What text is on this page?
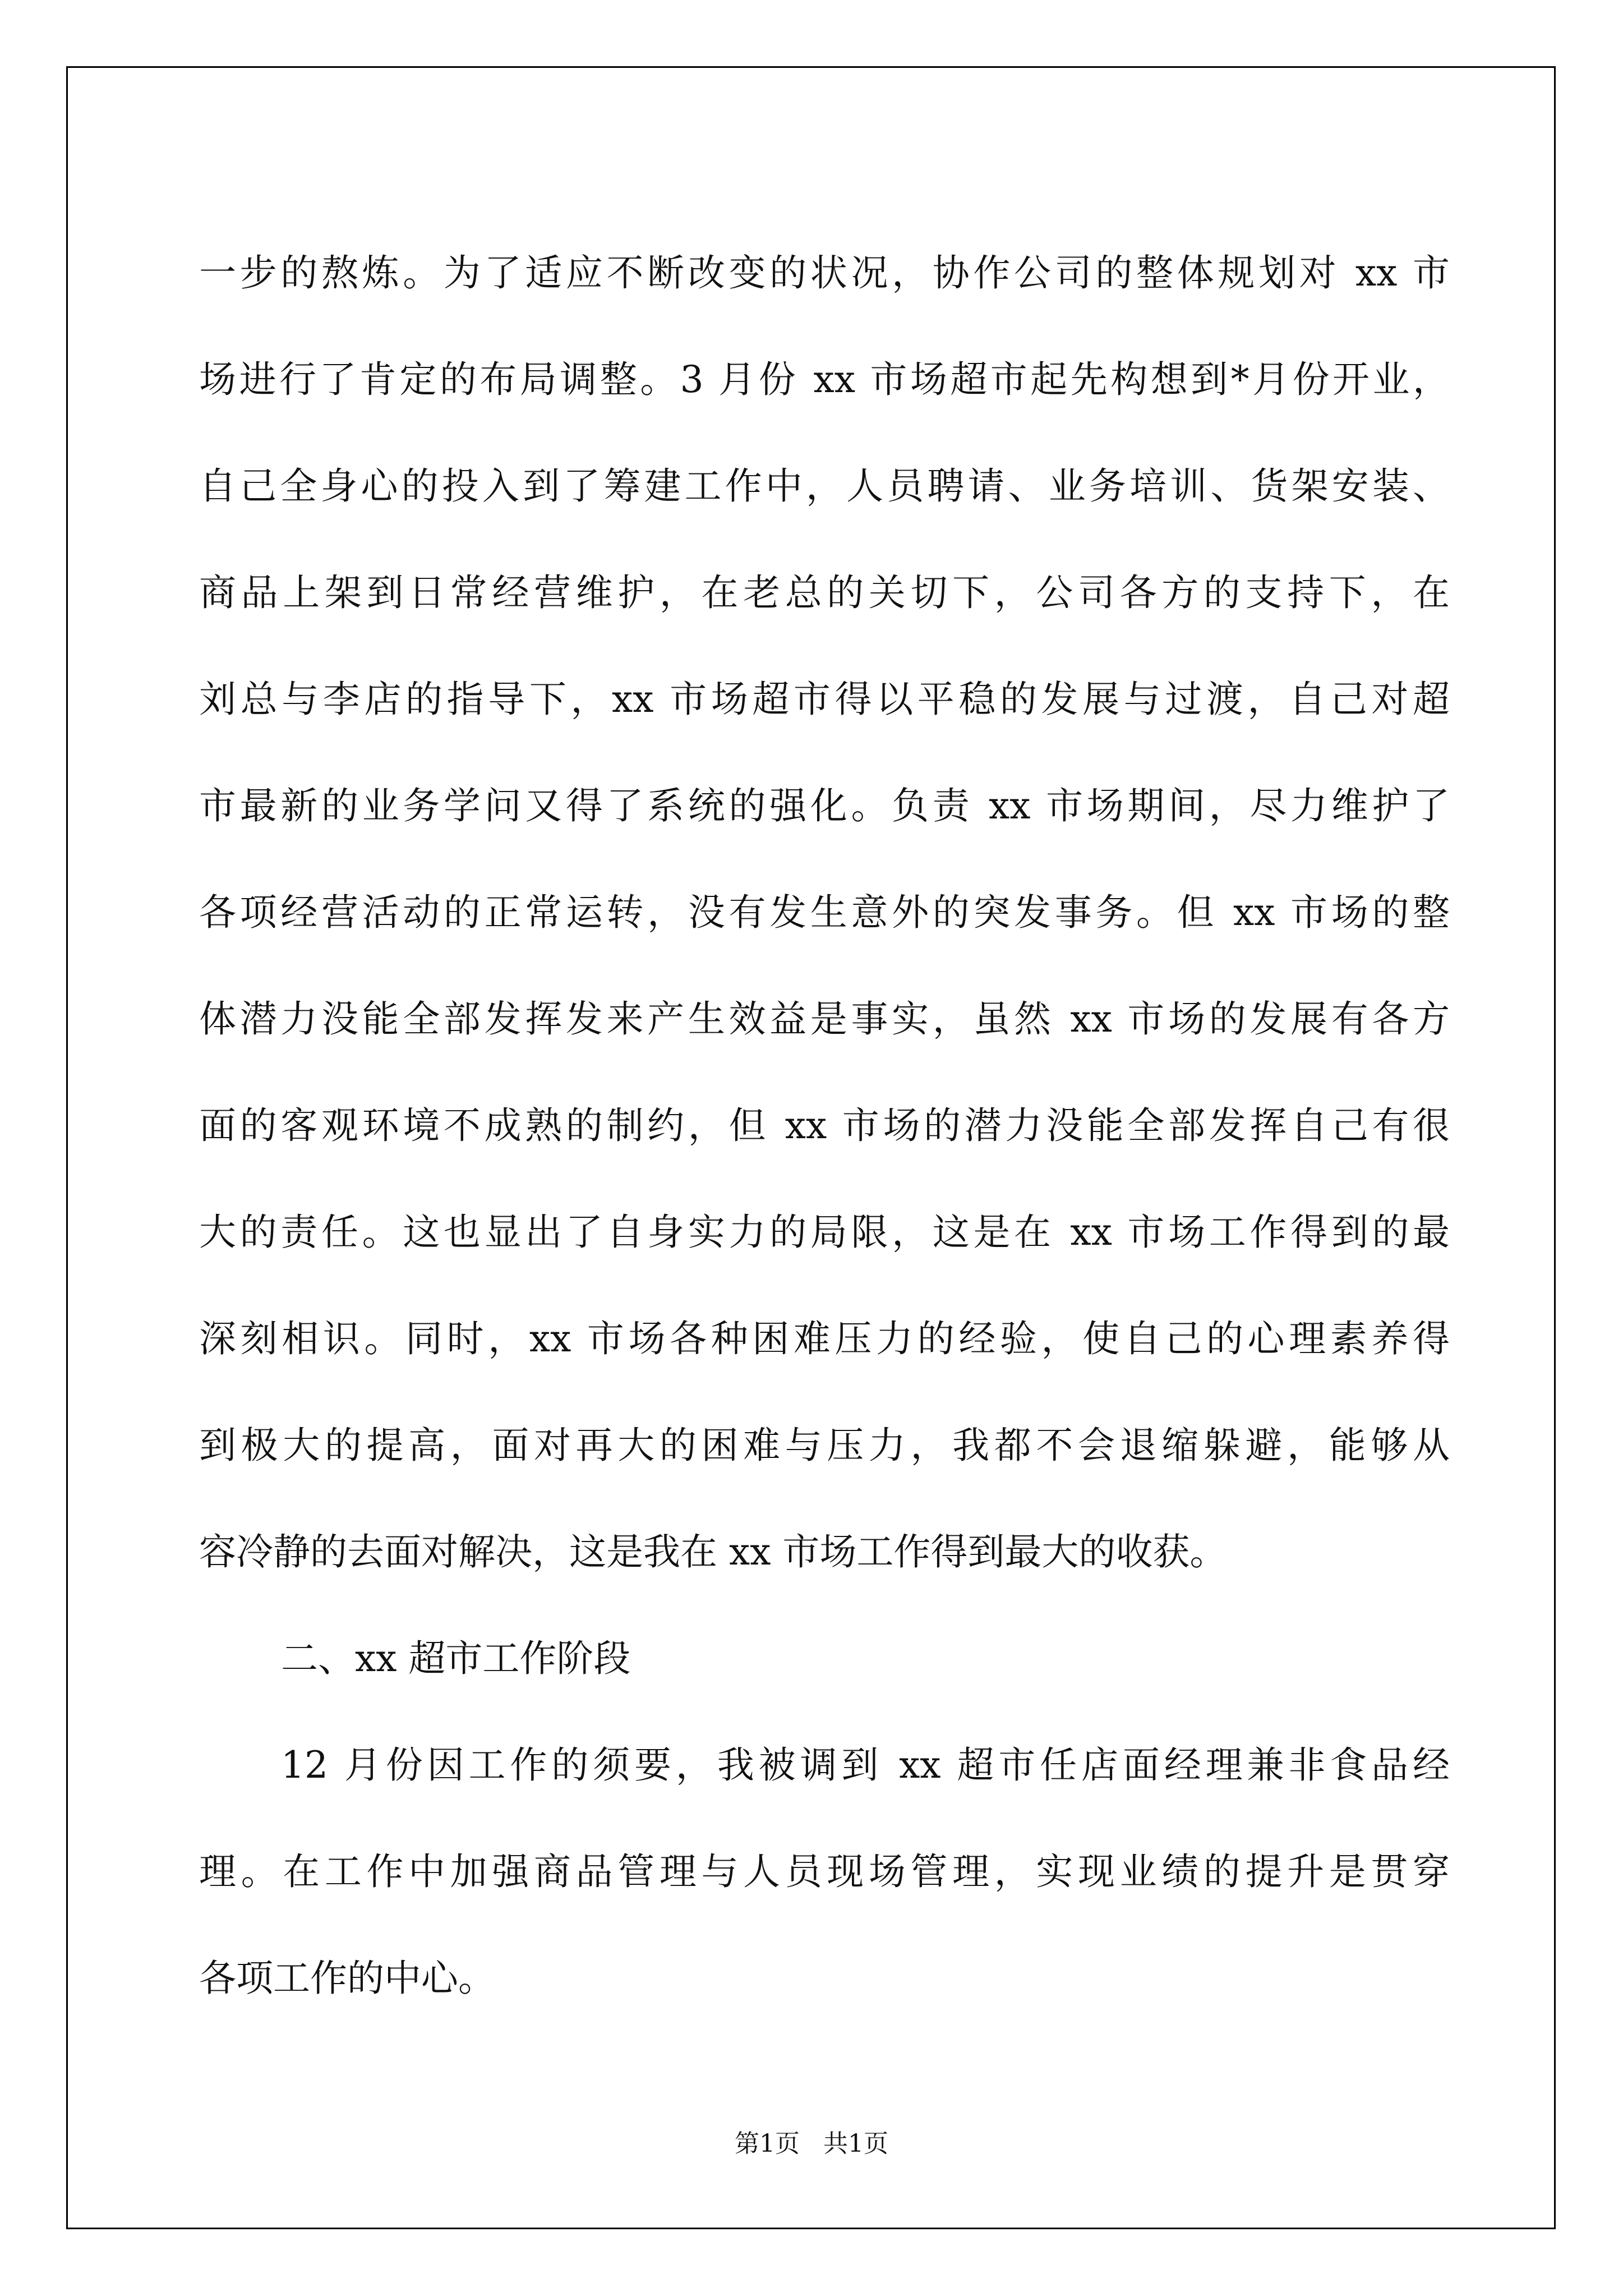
一步的熬炼。为了适应不断改变的状况，协作公司的整体规划对 xx 市
场进行了肯定的布局调整。3 月份 xx 市场超市起先构想到*月份开业，
自己全身心的投入到了筹建工作中，人员聘请、业务培训、货架安装、
商品上架到日常经营维护，在老总的关切下，公司各方的支持下，在
刘总与李店的指导下，xx 市场超市得以平稳的发展与过渡，自己对超
市最新的业务学问又得了系统的强化。负责 xx 市场期间，尽力维护了
各项经营活动的正常运转，没有发生意外的突发事务。但 xx 市场的整
体潜力没能全部发挥发来产生效益是事实，虽然 xx 市场的发展有各方
面的客观环境不成熟的制约，但 xx 市场的潜力没能全部发挥自己有很
大的责任。这也显出了自身实力的局限，这是在 xx 市场工作得到的最
深刻相识。同时，xx 市场各种困难压力的经验，使自己的心理素养得
到极大的提高，面对再大的困难与压力，我都不会退缩躲避，能够从
容冷静的去面对解决，这是我在 xx 市场工作得到最大的收获。
二、xx 超市工作阶段
12 月份因工作的须要，我被调到 xx 超市任店面经理兼非食品经
理。在工作中加强商品管理与人员现场管理，实现业绩的提升是贯穿
各项工作的中心。
第1页 共1页
